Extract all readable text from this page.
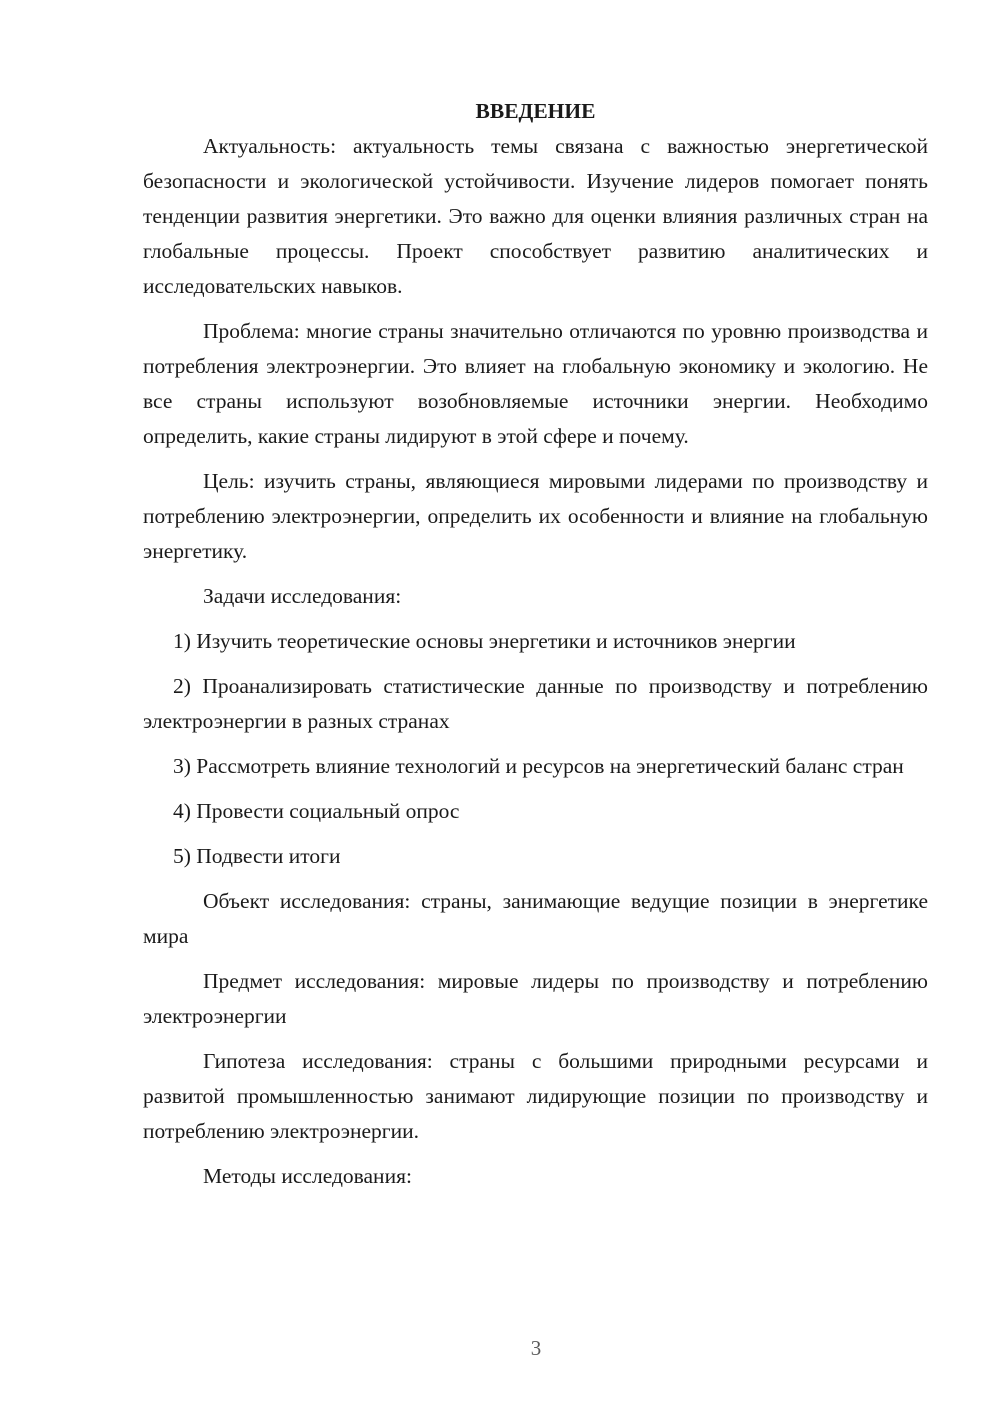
ВВЕДЕНИЕ

Актуальность: актуальность темы связана с важностью энергетической безопасности и экологической устойчивости. Изучение лидеров помогает понять тенденции развития энергетики. Это важно для оценки влияния различных стран на глобальные процессы. Проект способствует развитию аналитических и исследовательских навыков.

Проблема: многие страны значительно отличаются по уровню производства и потребления электроэнергии. Это влияет на глобальную экономику и экологию. Не все страны используют возобновляемые источники энергии. Необходимо определить, какие страны лидируют в этой сфере и почему.

Цель: изучить страны, являющиеся мировыми лидерами по производству и потреблению электроэнергии, определить их особенности и влияние на глобальную энергетику.

Задачи исследования:

1) Изучить теоретические основы энергетики и источников энергии

2) Проанализировать статистические данные по производству и потреблению электроэнергии в разных странах

3) Рассмотреть влияние технологий и ресурсов на энергетический баланс стран

4) Провести социальный опрос

5) Подвести итоги

Объект исследования: страны, занимающие ведущие позиции в энергетике мира

Предмет исследования: мировые лидеры по производству и потреблению электроэнергии

Гипотеза исследования: страны с большими природными ресурсами и развитой промышленностью занимают лидирующие позиции по производству и потреблению электроэнергии.

Методы исследования:

3
